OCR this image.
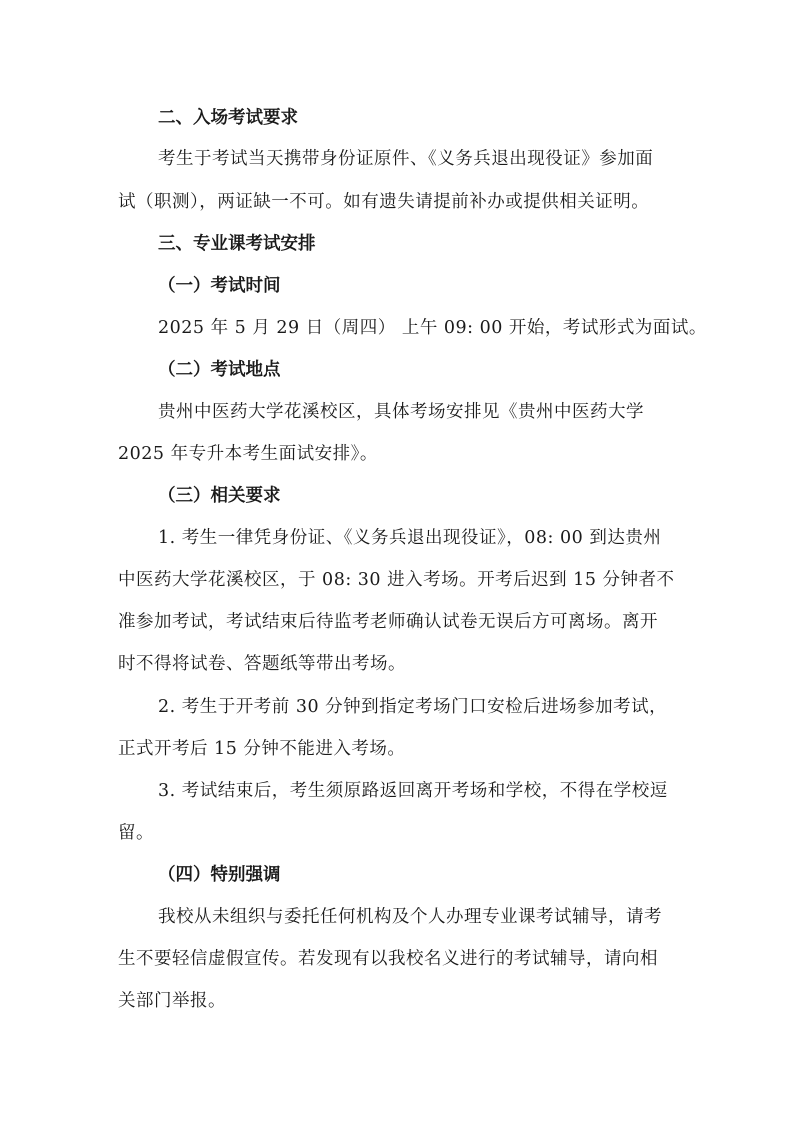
二、入场考试要求
考生于考试当天携带身份证原件、《义务兵退出现役证》参加面
试（职测），两证缺一不可。如有遗失请提前补办或提供相关证明。
三、专业课考试安排
（一）考试时间
2025 年 5 月 29 日（周四） 上午 09: 00 开始，考试形式为面试。
（二）考试地点
贵州中医药大学花溪校区，具体考场安排见《贵州中医药大学
2025 年专升本考生面试安排》。
（三）相关要求
1. 考生一律凭身份证、《义务兵退出现役证》，08: 00 到达贵州
中医药大学花溪校区，于 08: 30 进入考场。开考后迟到 15 分钟者不
准参加考试，考试结束后待监考老师确认试卷无误后方可离场。离开
时不得将试卷、答题纸等带出考场。
2. 考生于开考前 30 分钟到指定考场门口安检后进场参加考试，
正式开考后 15 分钟不能进入考场。
3. 考试结束后，考生须原路返回离开考场和学校，不得在学校逗
留。
（四）特别强调
我校从未组织与委托任何机构及个人办理专业课考试辅导，请考
生不要轻信虚假宣传。若发现有以我校名义进行的考试辅导，请向相
关部门举报。
